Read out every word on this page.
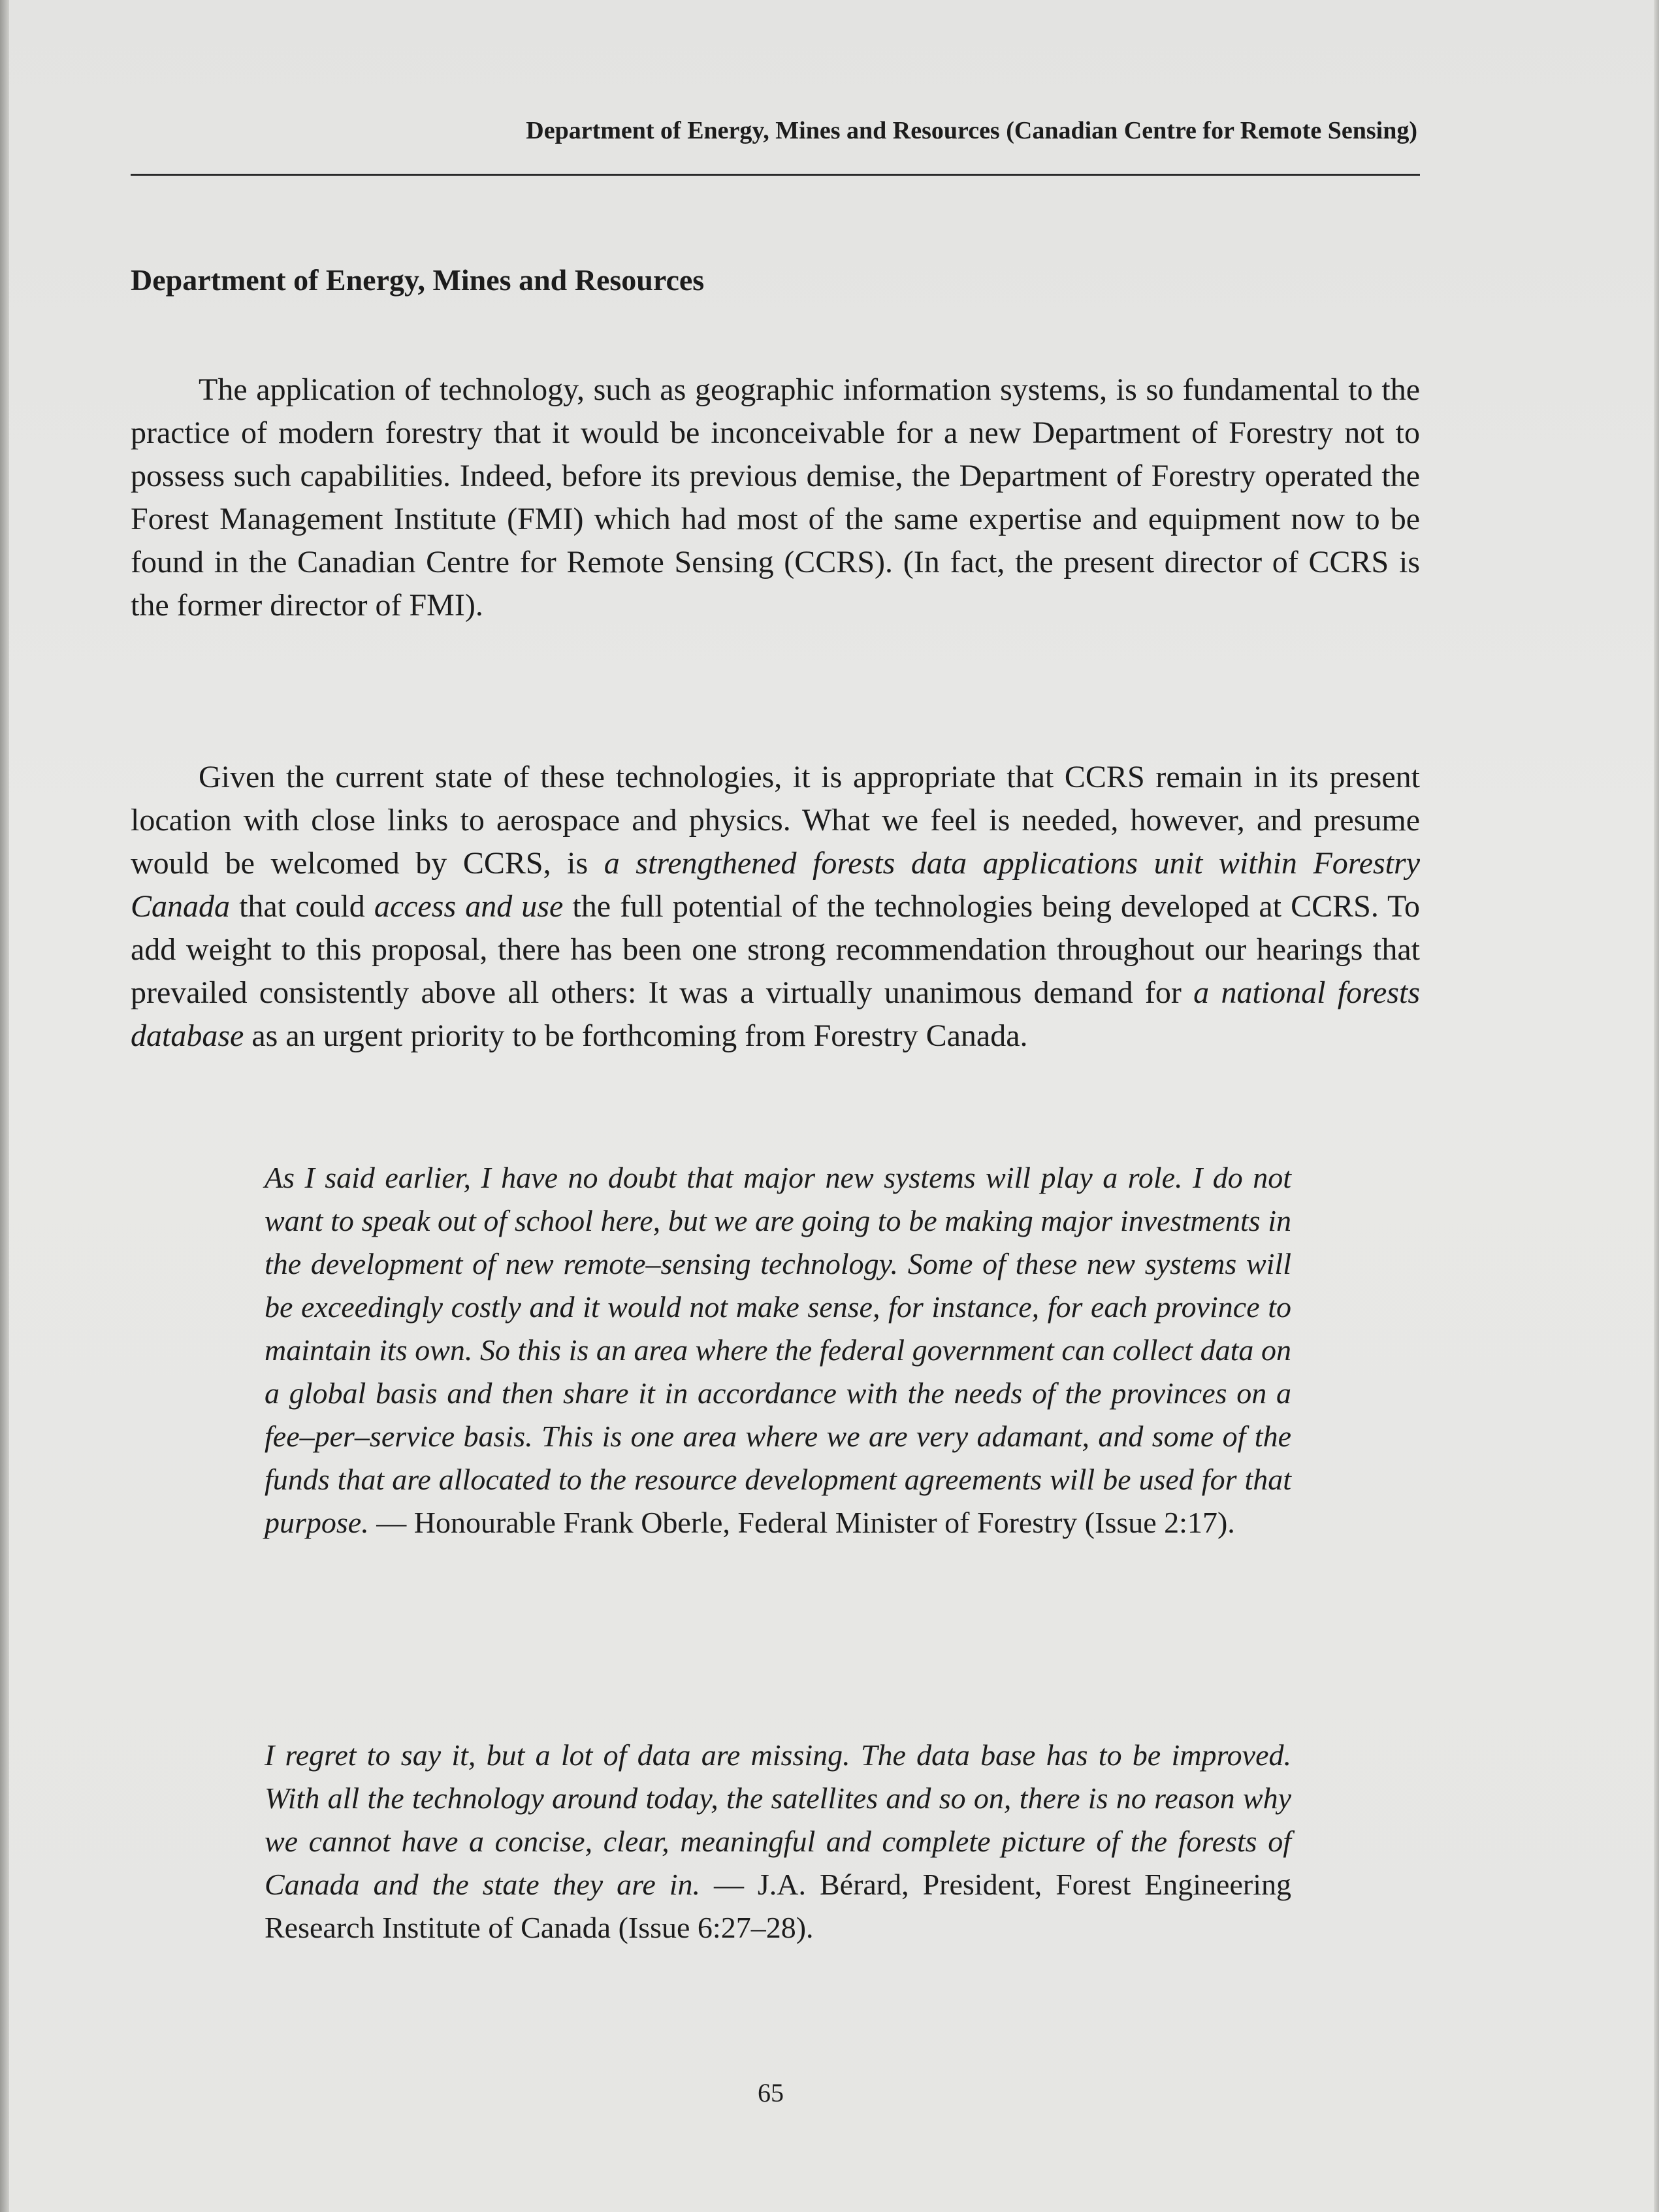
Department of Energy, Mines and Resources (Canadian Centre for Remote Sensing)
Department of Energy, Mines and Resources

The application of technology, such as geographic information systems, is so fundamental to the practice of modern forestry that it would be inconceivable for a new Department of Forestry not to possess such capabilities. Indeed, before its previous demise, the Department of Forestry operated the Forest Management Institute (FMI) which had most of the same expertise and equipment now to be found in the Canadian Centre for Remote Sensing (CCRS). (In fact, the present director of CCRS is the former director of FMI).

Given the current state of these technologies, it is appropriate that CCRS remain in its present location with close links to aerospace and physics. What we feel is needed, however, and presume would be welcomed by CCRS, is a strengthened forests data applications unit within Forestry Canada that could access and use the full potential of the technologies being developed at CCRS. To add weight to this proposal, there has been one strong recommendation throughout our hearings that prevailed consistently above all others: It was a virtually unanimous demand for a national forests database as an urgent priority to be forthcoming from Forestry Canada.

As I said earlier, I have no doubt that major new systems will play a role. I do not want to speak out of school here, but we are going to be making major investments in the development of new remote–sensing technology. Some of these new systems will be exceedingly costly and it would not make sense, for instance, for each province to maintain its own. So this is an area where the federal government can collect data on a global basis and then share it in accordance with the needs of the provinces on a fee–per–service basis. This is one area where we are very adamant, and some of the funds that are allocated to the resource development agreements will be used for that purpose. — Honourable Frank Oberle, Federal Minister of Forestry (Issue 2:17).

I regret to say it, but a lot of data are missing. The data base has to be improved. With all the technology around today, the satellites and so on, there is no reason why we cannot have a concise, clear, meaningful and complete picture of the forests of Canada and the state they are in. — J.A. Bérard, President, Forest Engineering Research Institute of Canada (Issue 6:27–28).

65
